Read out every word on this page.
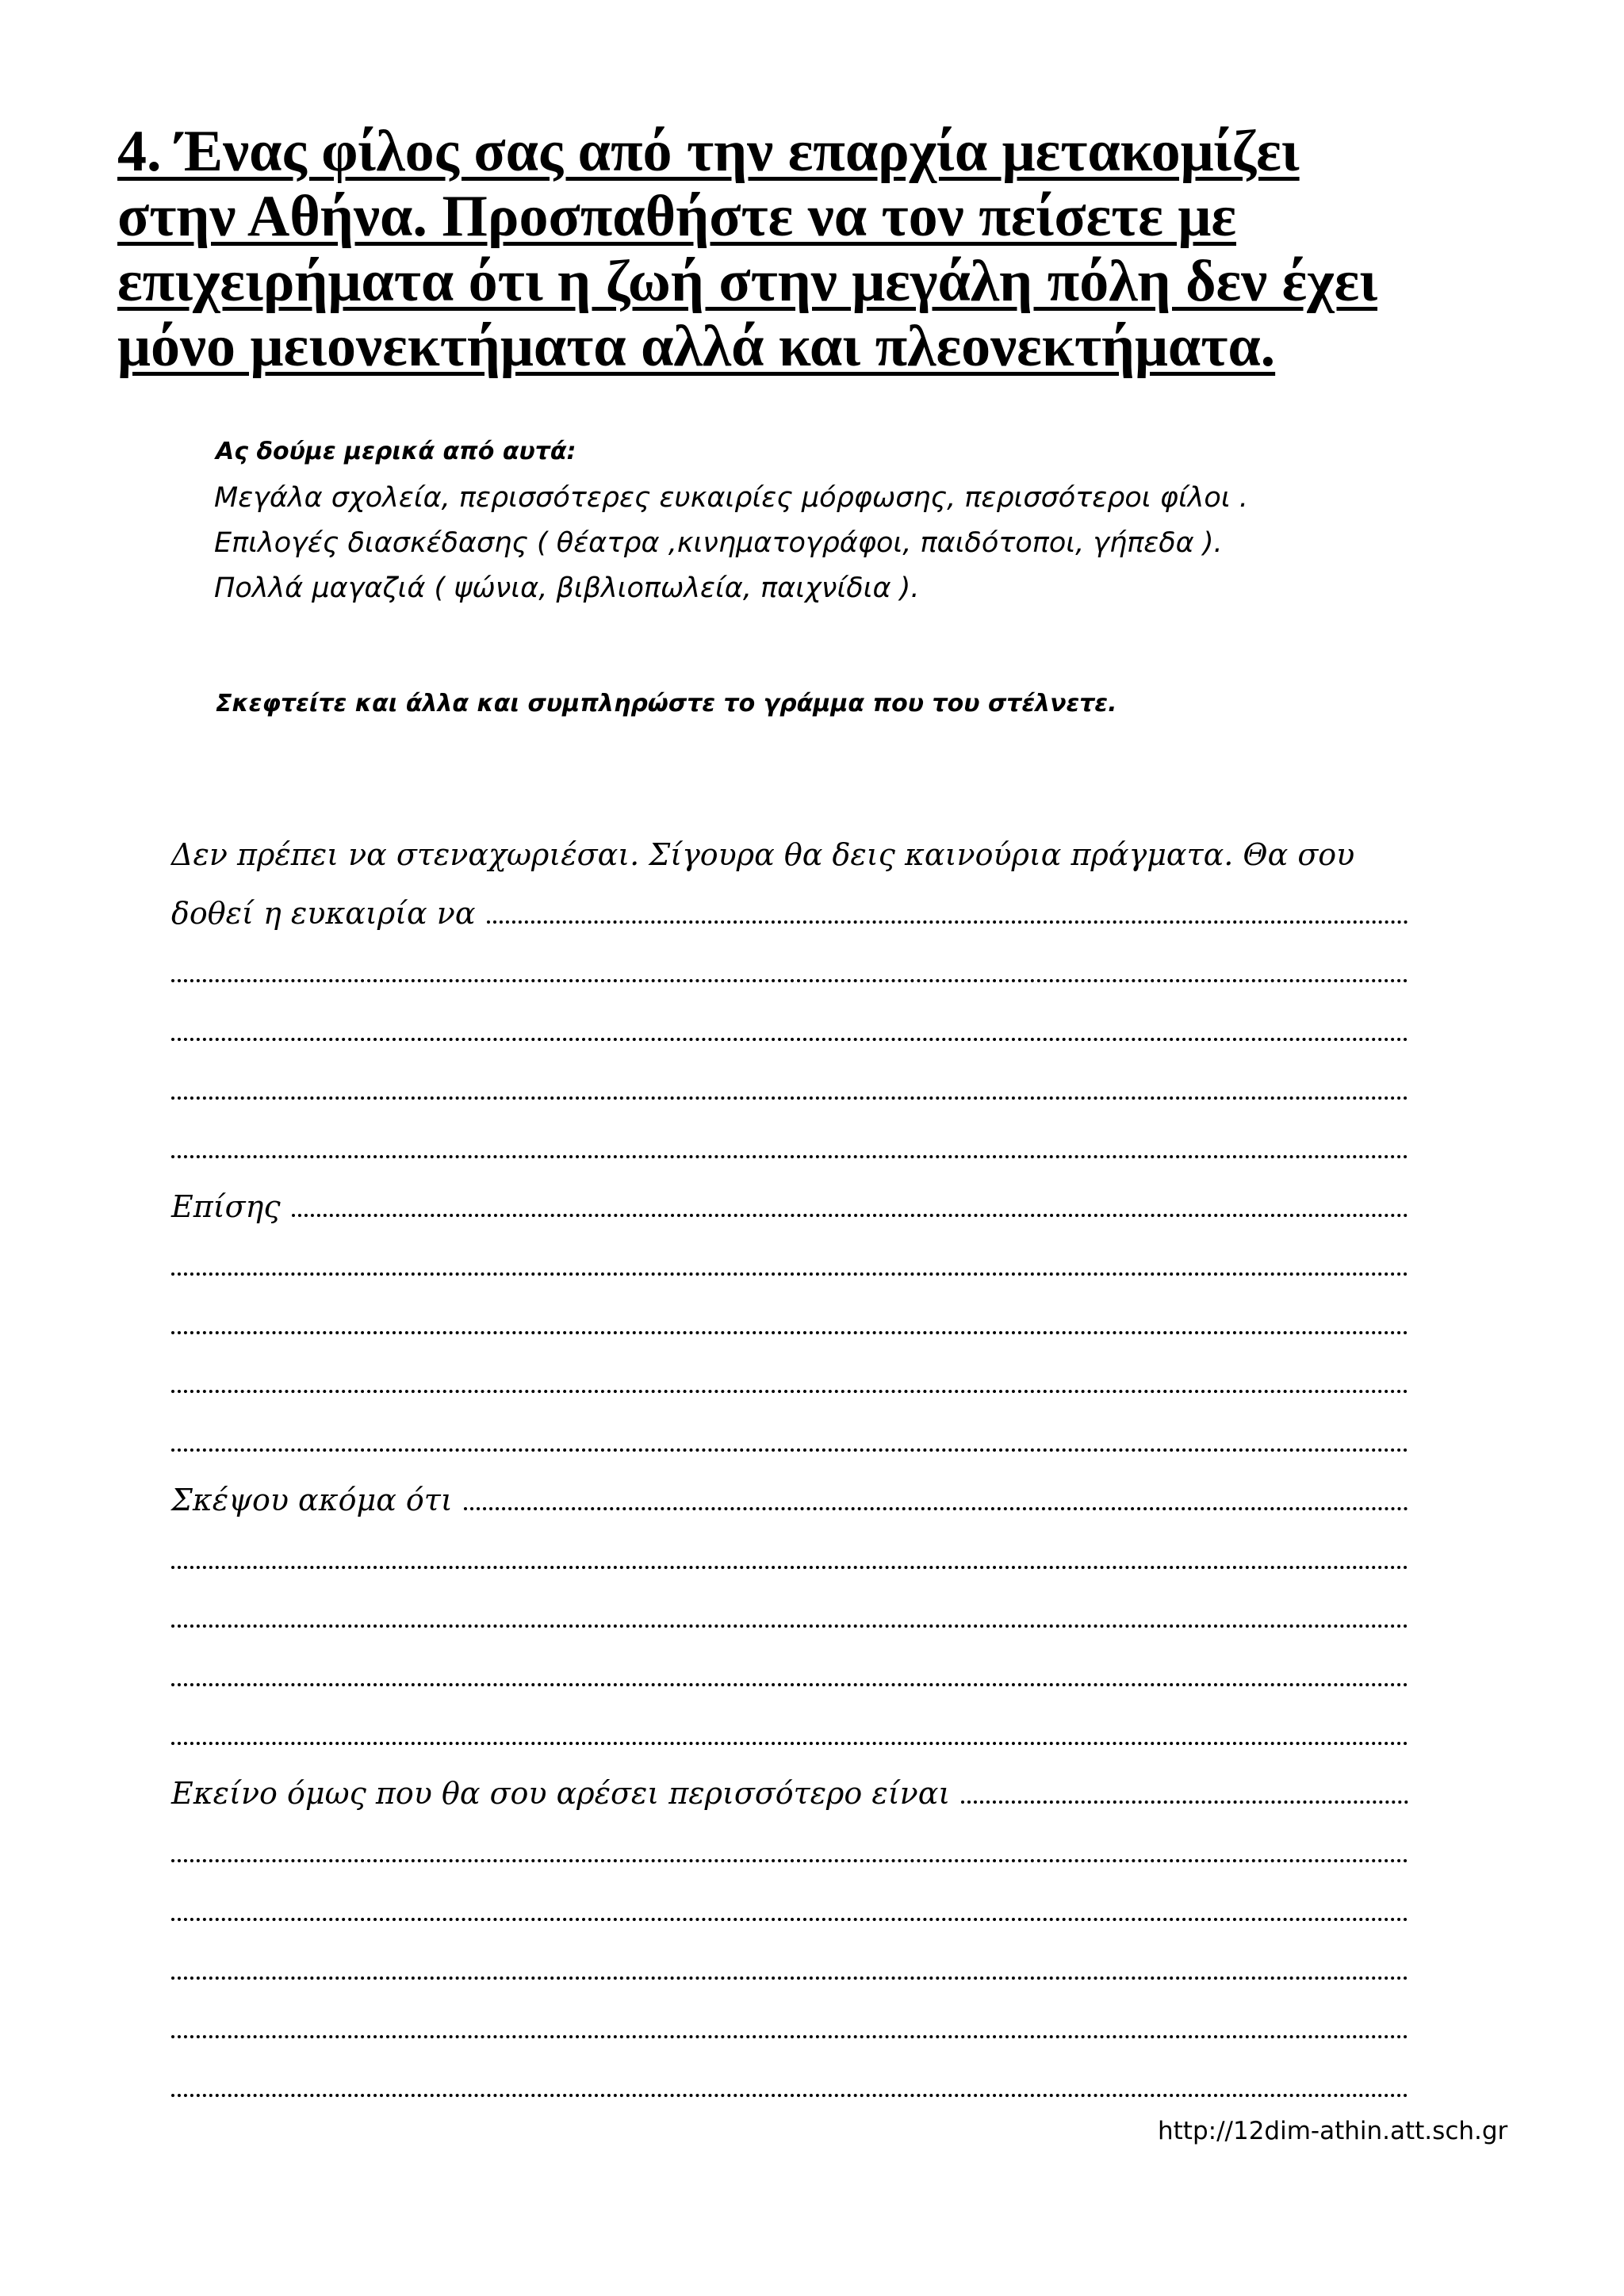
4. Ένας φίλος σας από την επαρχία μετακομίζει
στην Αθήνα. Προσπαθήστε να τον πείσετε με
επιχειρήματα ότι η ζωή στην μεγάλη πόλη δεν έχει
μόνο μειονεκτήματα αλλά και πλεονεκτήματα.

Ας δούμε μερικά από αυτά:

Μεγάλα σχολεία, περισσότερες ευκαιρίες μόρφωσης, περισσότεροι φίλοι .
Επιλογές διασκέδασης ( θέατρα ,κινηματογράφοι, παιδότοποι, γήπεδα ).
Πολλά μαγαζιά ( ψώνια, βιβλιοπωλεία, παιχνίδια ).

Σκεφτείτε και άλλα και συμπληρώστε το γράμμα που του στέλνετε.

Δεν πρέπει να στεναχωριέσαι. Σίγουρα θα δεις καινούρια πράγματα. Θα σου
δοθεί η ευκαιρία να
Επίσης
Σκέψου ακόμα ότι
Εκείνο όμως που θα σου αρέσει περισσότερο είναι

http://12dim-athin.att.sch.gr
